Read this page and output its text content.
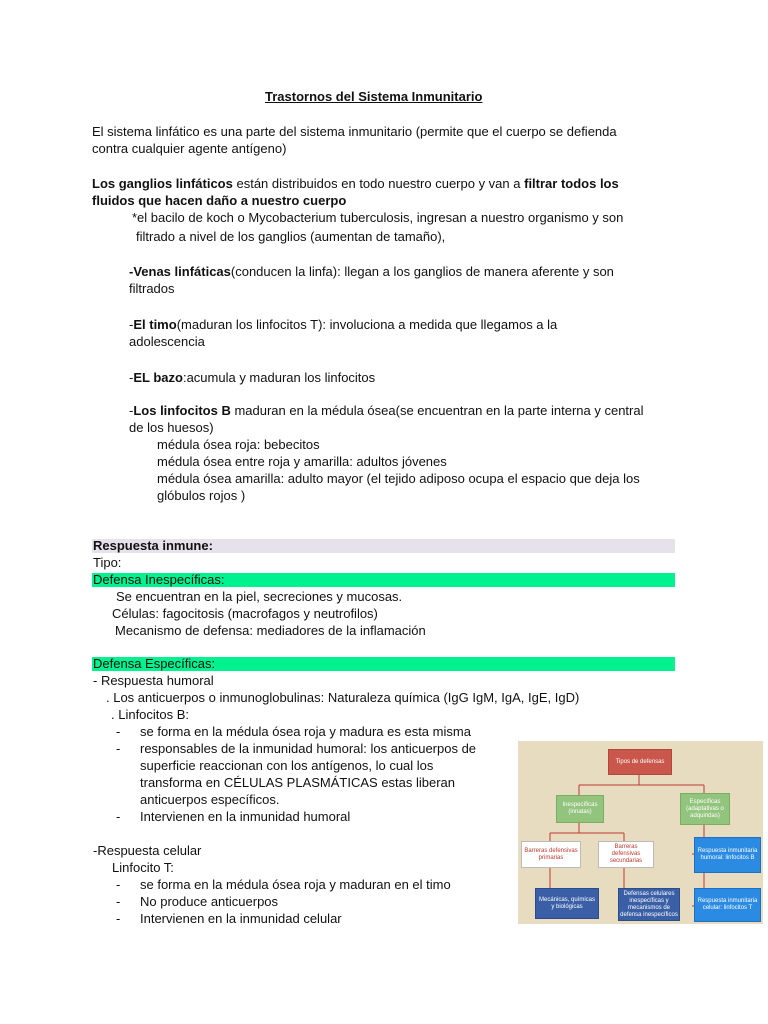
Trastornos del Sistema Inmunitario
El sistema linfático es una parte del sistema inmunitario (permite que el cuerpo se defienda
contra cualquier agente antígeno)
Los ganglios linfáticos están distribuidos en todo nuestro cuerpo y van a filtrar todos los
fluidos que hacen daño a nuestro cuerpo
*el bacilo de koch o Mycobacterium tuberculosis, ingresan a nuestro organismo y son
filtrado a nivel de los ganglios (aumentan de tamaño),
-Venas linfáticas(conducen la linfa): llegan a los ganglios de manera aferente y son
filtrados
-El timo(maduran los linfocitos T): involuciona a medida que llegamos a la
adolescencia
-EL bazo:acumula y maduran los linfocitos
-Los linfocitos B maduran en la médula ósea(se encuentran en la parte interna y central
de los huesos)
médula ósea roja: bebecitos
médula ósea entre roja y amarilla: adultos jóvenes
médula ósea amarilla: adulto mayor (el tejido adiposo ocupa el espacio que deja los
glóbulos rojos )
Respuesta inmune:
Tipo:
Defensa Inespecíficas:
Se encuentran en la piel, secreciones y mucosas.
Células: fagocitosis (macrofagos y neutrofilos)
Mecanismo de defensa: mediadores de la inflamación
Defensa Específicas:
- Respuesta humoral
. Los anticuerpos o inmunoglobulinas: Naturaleza química (IgG IgM, IgA, IgE, IgD)
. Linfocitos B:
- se forma en la médula ósea roja y madura es esta misma
- responsables de la inmunidad humoral: los anticuerpos de
superficie reaccionan con los antígenos, lo cual los
transforma en CÉLULAS PLASMÁTICAS estas liberan
anticuerpos específicos.
- Intervienen en la inmunidad humoral
-Respuesta celular
Linfocito T:
- se forma en la médula ósea roja y maduran en el timo
- No produce anticuerpos
- Intervienen en la inmunidad celular
Tipos de defensas
Inespecíficas (innatas)
Específicas (adaptativas o adquiridas)
Barreras defensivas primarias
Barreras defensivas secundarias
Mecánicas, químicas y biológicas
Defensas celulares inespecíficas y mecanismos de defensa inespecíficos
Respuesta inmunitaria humoral: linfocitos B
Respuesta inmunitaria celular: linfocitos T
